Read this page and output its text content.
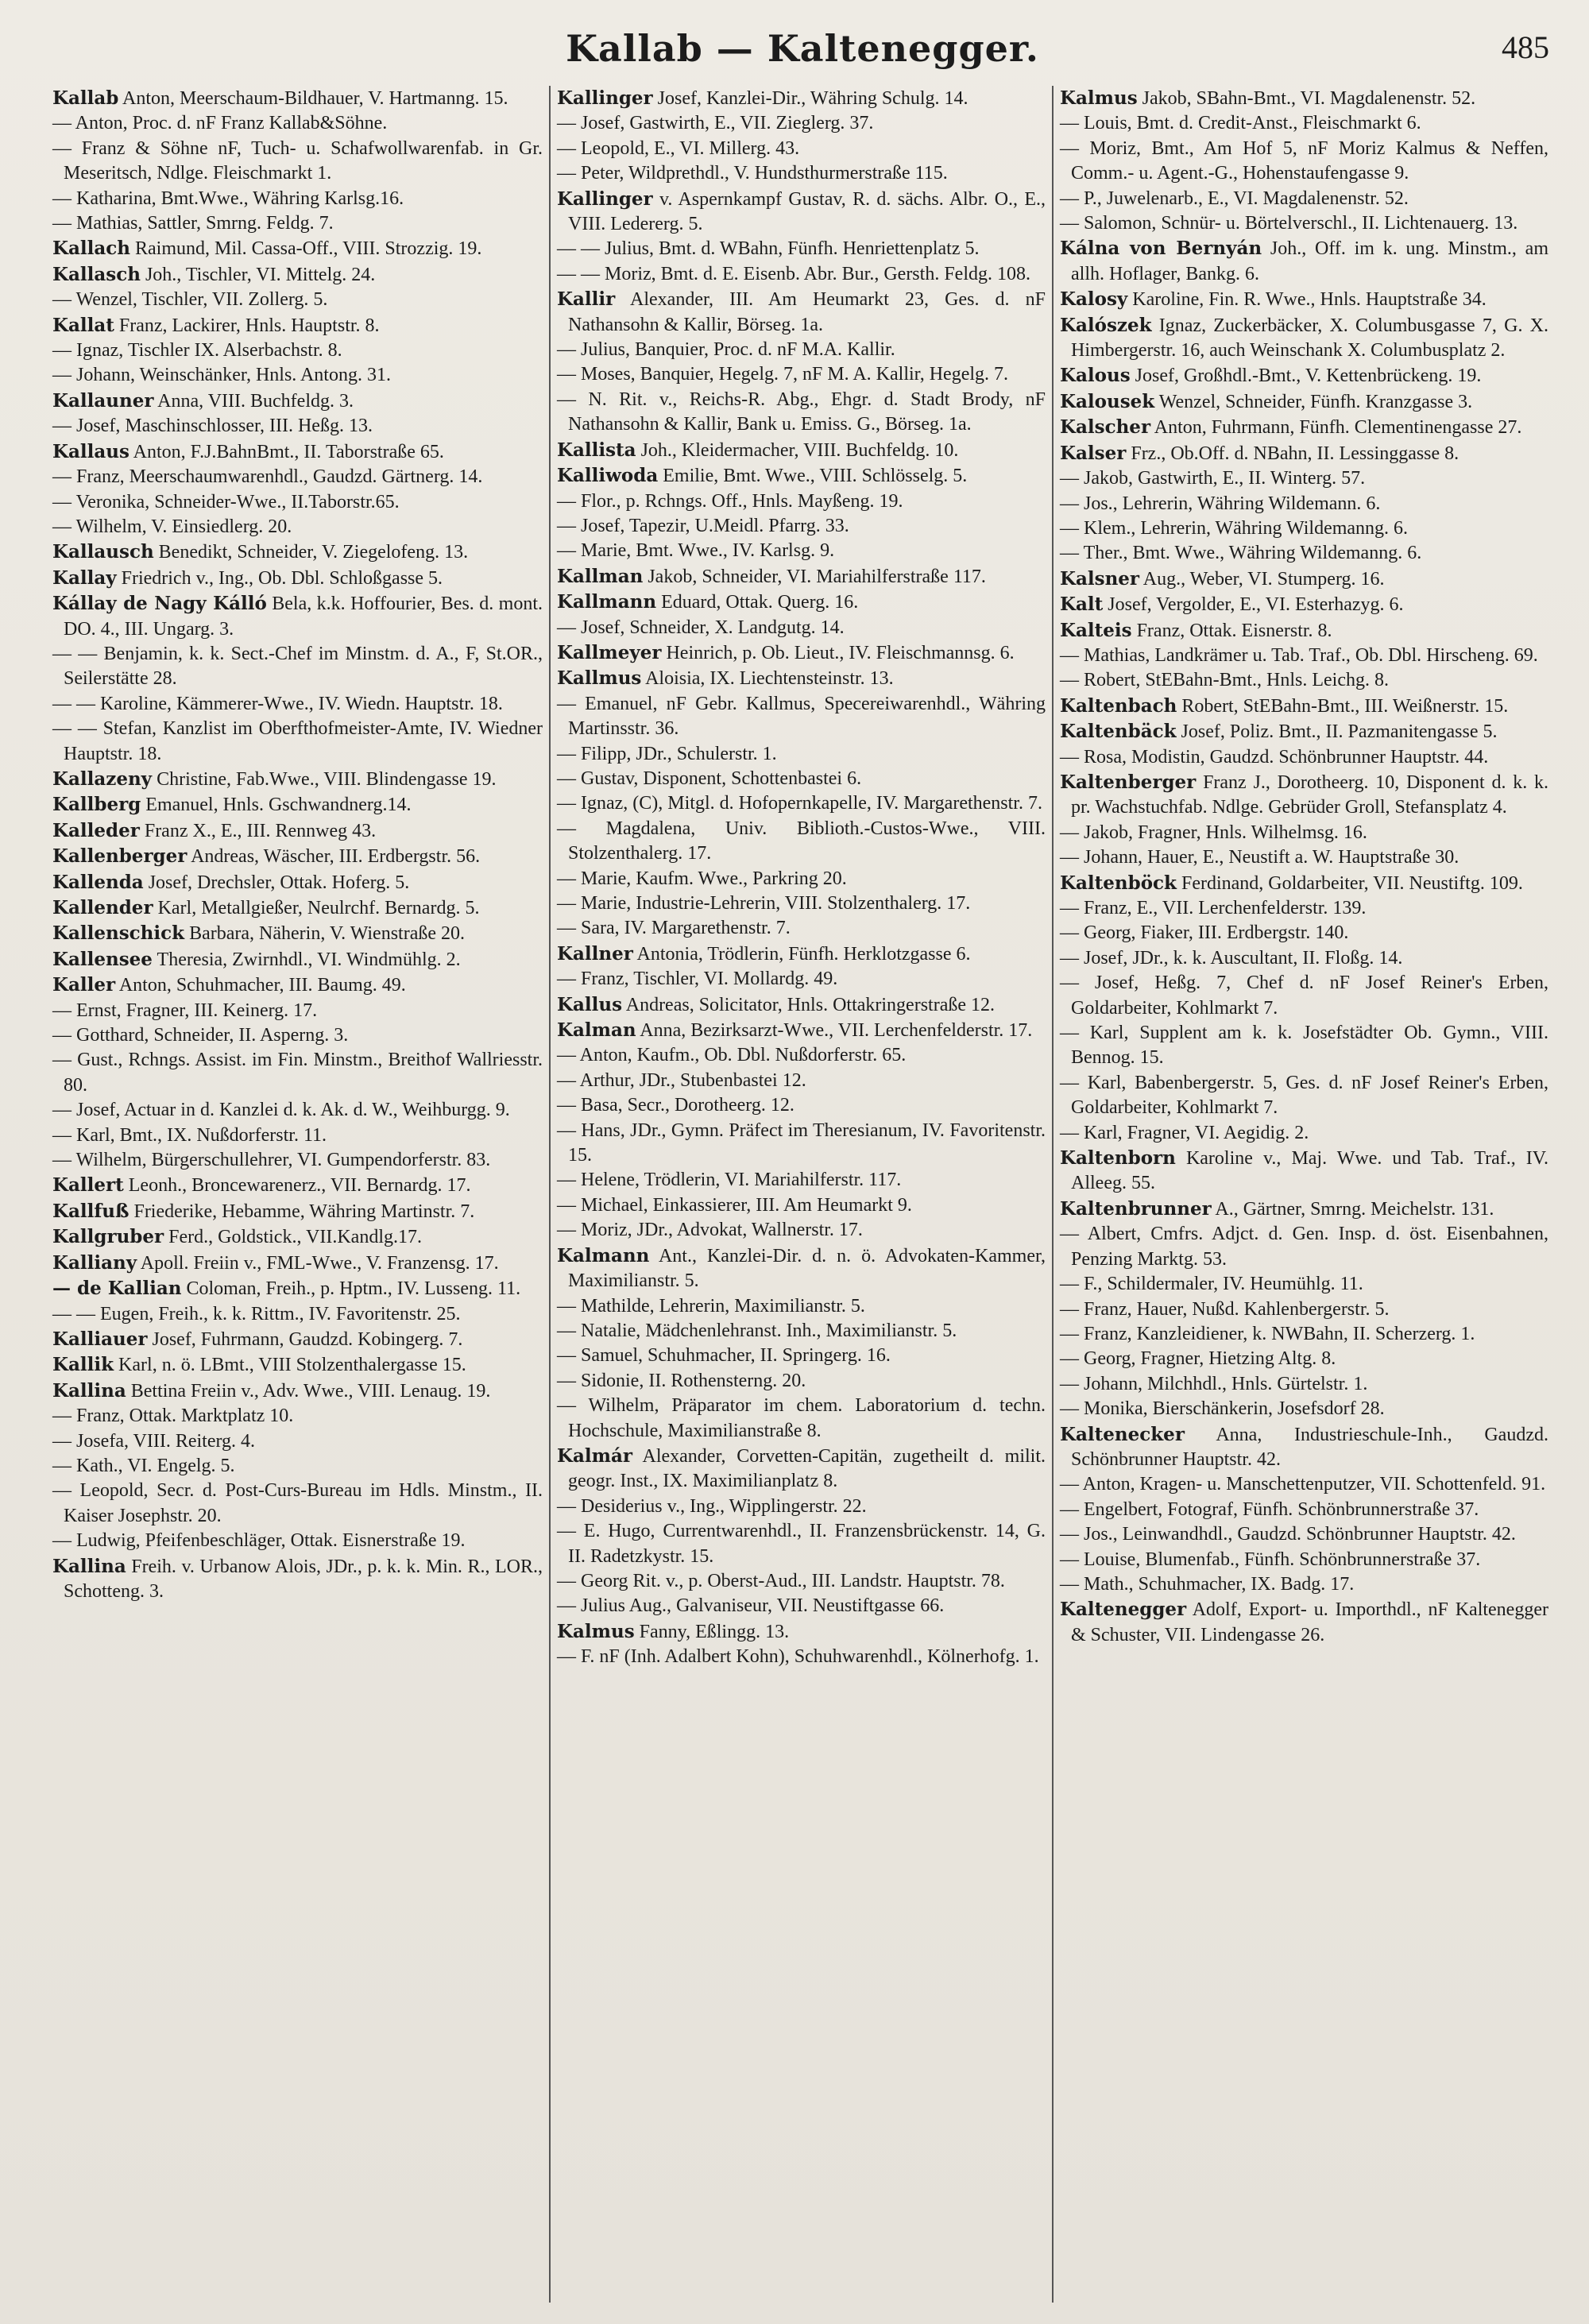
Kallab — Kaltenegger.	485
Kallab Anton, Meerschaum-Bildhauer, V. Hartmanng. 15.
— Anton, Proc. d. nF Franz Kallab&Söhne.
— Franz & Söhne nF, Tuch- u. Schafwollwarenfab. in Gr. Meseritsch, Ndlge. Fleischmarkt 1.
— Katharina, Bmt.Wwe., Währing Karlsg.16.
— Mathias, Sattler, Smrng. Feldg. 7.
Kallach Raimund, Mil. Cassa-Off., VIII. Strozzig. 19.
Kallasch Joh., Tischler, VI. Mittelg. 24.
— Wenzel, Tischler, VII. Zollerg. 5.
Kallat Franz, Lackirer, Hnls. Hauptstr. 8.
— Ignaz, Tischler IX. Alserbachstr. 8.
— Johann, Weinschänker, Hnls. Antong. 31.
Kallauner Anna, VIII. Buchfeldg. 3.
— Josef, Maschinschlosser, III. Heßg. 13.
Kallaus Anton, F.J.BahnBmt., II. Taborstraße 65.
— Franz, Meerschaumwarenhdl., Gaudzd. Gärtnerg. 14.
— Veronika, Schneider-Wwe., II.Taborstr.65.
— Wilhelm, V. Einsiedlerg. 20.
Kallausch Benedikt, Schneider, V. Ziegelofeng. 13.
Kallay Friedrich v., Ing., Ob. Dbl. Schloßgasse 5.
Kállay de Nagy Kálló Bela, k.k. Hoffourier, Bes. d. mont. DO. 4., III. Ungarg. 3.
— — Benjamin, k. k. Sect.-Chef im Minstm. d. A., F, St.OR., Seilerstätte 28.
— — Karoline, Kämmerer-Wwe., IV. Wiedn. Hauptstr. 18.
— — Stefan, Kanzlist im Oberfthofmeister-Amte, IV. Wiedner Hauptstr. 18.
Kallazeny Christine, Fab.Wwe., VIII. Blindengasse 19.
Kallberg Emanuel, Hnls. Gschwandnerg.14.
Kalleder Franz X., E., III. Rennweg 43.
Kallenberger Andreas, Wäscher, III. Erdbergstr. 56.
Kallenda Josef, Drechsler, Ottak. Hoferg. 5.
Kallender Karl, Metallgießer, Neulrchf. Bernardg. 5.
Kallenschick Barbara, Näherin, V. Wienstraße 20.
Kallensee Theresia, Zwirnhdl., VI. Windmühlg. 2.
Kaller Anton, Schuhmacher, III. Baumg. 49.
— Ernst, Fragner, III. Keinerg. 17.
— Gotthard, Schneider, II. Asperng. 3.
— Gust., Rchngs. Assist. im Fin. Minstm., Breithof Wallriesstr. 80.
— Josef, Actuar in d. Kanzlei d. k. Ak. d. W., Weihburgg. 9.
— Karl, Bmt., IX. Nußdorferstr. 11.
— Wilhelm, Bürgerschullehrer, VI. Gumpendorferstr. 83.
Kallert Leonh., Broncewarenerz., VII. Bernardg. 17.
Kallfuß Friederike, Hebamme, Währing Martinstr. 7.
Kallgruber Ferd., Goldstick., VII.Kandlg.17.
Kalliany Apoll. Freiin v., FML-Wwe., V. Franzensg. 17.
— de Kallian Coloman, Freih., p. Hptm., IV. Lusseng. 11.
— — Eugen, Freih., k. k. Rittm., IV. Favoritenstr. 25.
Kalliauer Josef, Fuhrmann, Gaudzd. Kobingerg. 7.
Kallik Karl, n. ö. LBmt., VIII Stolzenthalergasse 15.
Kallina Bettina Freiin v., Adv. Wwe., VIII. Lenaug. 19.
— Franz, Ottak. Marktplatz 10.
— Josefa, VIII. Reiterg. 4.
— Kath., VI. Engelg. 5.
— Leopold, Secr. d. Post-Curs-Bureau im Hdls. Minstm., II. Kaiser Josephstr. 20.
— Ludwig, Pfeifenbeschläger, Ottak. Eisnerstraße 19.
Kallina Freih. v. Urbanow Alois, JDr., p. k. k. Min. R., LOR., Schotteng. 3.
Kallinger Josef, Kanzlei-Dir., Währing Schulg. 14.
— Josef, Gastwirth, E., VII. Zieglerg. 37.
— Leopold, E., VI. Millerg. 43.
— Peter, Wildprethdl., V. Hundsthurmerstraße 115.
Kallinger v. Aspernkampf Gustav, R. d. sächs. Albr. O., E., VIII. Ledererg. 5.
— — Julius, Bmt. d. WBahn, Fünfh. Henriettenplatz 5.
— — Moriz, Bmt. d. E. Eisenb. Abr. Bur., Gersth. Feldg. 108.
Kallir Alexander, III. Am Heumarkt 23, Ges. d. nF Nathansohn & Kallir, Börseg. 1a.
— Julius, Banquier, Proc. d. nF M.A. Kallir.
— Moses, Banquier, Hegelg. 7, nF M. A. Kallir, Hegelg. 7.
— N. Rit. v., Reichs-R. Abg., Ehgr. d. Stadt Brody, nF Nathansohn & Kallir, Bank u. Emiss. G., Börseg. 1a.
Kallista Joh., Kleidermacher, VIII. Buchfeldg. 10.
Kalliwoda Emilie, Bmt. Wwe., VIII. Schlösselg. 5.
— Flor., p. Rchngs. Off., Hnls. Mayßeng. 19.
— Josef, Tapezir, U.Meidl. Pfarrg. 33.
— Marie, Bmt. Wwe., IV. Karlsg. 9.
Kallman Jakob, Schneider, VI. Mariahilferstraße 117.
Kallmann Eduard, Ottak. Querg. 16.
— Josef, Schneider, X. Landgutg. 14.
Kallmeyer Heinrich, p. Ob. Lieut., IV. Fleischmannsg. 6.
Kallmus Aloisia, IX. Liechtensteinstr. 13.
— Emanuel, nF Gebr. Kallmus, Specereiwarenhdl., Währing Martinsstr. 36.
— Filipp, JDr., Schulerstr. 1.
— Gustav, Disponent, Schottenbastei 6.
— Ignaz, (C), Mitgl. d. Hofopernkapelle, IV. Margarethenstr. 7.
— Magdalena, Univ. Biblioth.-Custos-Wwe., VIII. Stolzenthalerg. 17.
— Marie, Kaufm. Wwe., Parkring 20.
— Marie, Industrie-Lehrerin, VIII. Stolzenthalerg. 17.
— Sara, IV. Margarethenstr. 7.
Kallner Antonia, Trödlerin, Fünfh. Herklotzgasse 6.
— Franz, Tischler, VI. Mollardg. 49.
Kallus Andreas, Solicitator, Hnls. Ottakringerstraße 12.
Kalman Anna, Bezirksarzt-Wwe., VII. Lerchenfelderstr. 17.
— Anton, Kaufm., Ob. Dbl. Nußdorferstr. 65.
— Arthur, JDr., Stubenbastei 12.
— Basa, Secr., Dorotheerg. 12.
— Hans, JDr., Gymn. Präfect im Theresianum, IV. Favoritenstr. 15.
— Helene, Trödlerin, VI. Mariahilferstr. 117.
— Michael, Einkassierer, III. Am Heumarkt 9.
— Moriz, JDr., Advokat, Wallnerstr. 17.
Kalmann Ant., Kanzlei-Dir. d. n. ö. Advokaten-Kammer, Maximilianstr. 5.
— Mathilde, Lehrerin, Maximilianstr. 5.
— Natalie, Mädchenlehranst. Inh., Maximilianstr. 5.
— Samuel, Schuhmacher, II. Springerg. 16.
— Sidonie, II. Rothensterng. 20.
— Wilhelm, Präparator im chem. Laboratorium d. techn. Hochschule, Maximilianstraße 8.
Kalmár Alexander, Corvetten-Capitän, zugetheilt d. milit. geogr. Inst., IX. Maximilianplatz 8.
— Desiderius v., Ing., Wipplingerstr. 22.
— E. Hugo, Currentwarenhdl., II. Franzensbrückenstr. 14, G. II. Radetzkystr. 15.
— Georg Rit. v., p. Oberst-Aud., III. Landstr. Hauptstr. 78.
— Julius Aug., Galvaniseur, VII. Neustiftgasse 66.
Kalmus Fanny, Eßlingg. 13.
— F. nF (Inh. Adalbert Kohn), Schuhwarenhdl., Kölnerhofg. 1.
Kalmus Jakob, SBahn-Bmt., VI. Magdalenenstr. 52.
— Louis, Bmt. d. Credit-Anst., Fleischmarkt 6.
— Moriz, Bmt., Am Hof 5, nF Moriz Kalmus & Neffen, Comm.- u. Agent.-G., Hohenstaufengasse 9.
— P., Juwelenarb., E., VI. Magdalenenstr. 52.
— Salomon, Schnür- u. Börtelverschl., II. Lichtenauerg. 13.
Kálna von Bernyán Joh., Off. im k. ung. Minstm., am allh. Hoflager, Bankg. 6.
Kalosy Karoline, Fin. R. Wwe., Hnls. Hauptstraße 34.
Kalószek Ignaz, Zuckerbäcker, X. Columbusgasse 7, G. X. Himbergerstr. 16, auch Weinschank X. Columbusplatz 2.
Kalous Josef, Großhdl.-Bmt., V. Kettenbrückeng. 19.
Kalousek Wenzel, Schneider, Fünfh. Kranzgasse 3.
Kalscher Anton, Fuhrmann, Fünfh. Clementinengasse 27.
Kalser Frz., Ob.Off. d. NBahn, II. Lessinggasse 8.
— Jakob, Gastwirth, E., II. Winterg. 57.
— Jos., Lehrerin, Währing Wildemann. 6.
— Klem., Lehrerin, Währing Wildemanng. 6.
— Ther., Bmt. Wwe., Währing Wildemanng. 6.
Kalsner Aug., Weber, VI. Stumperg. 16.
Kalt Josef, Vergolder, E., VI. Esterhazyg. 6.
Kalteis Franz, Ottak. Eisnerstr. 8.
— Mathias, Landkrämer u. Tab. Traf., Ob. Dbl. Hirscheng. 69.
— Robert, StEBahn-Bmt., Hnls. Leichg. 8.
Kaltenbach Robert, StEBahn-Bmt., III. Weißnerstr. 15.
Kaltenbäck Josef, Poliz. Bmt., II. Pazmanitengasse 5.
— Rosa, Modistin, Gaudzd. Schönbrunner Hauptstr. 44.
Kaltenberger Franz J., Dorotheerg. 10, Disponent d. k. k. pr. Wachstuchfab. Ndlge. Gebrüder Groll, Stefansplatz 4.
— Jakob, Fragner, Hnls. Wilhelmsg. 16.
— Johann, Hauer, E., Neustift a. W. Hauptstraße 30.
Kaltenböck Ferdinand, Goldarbeiter, VII. Neustiftg. 109.
— Franz, E., VII. Lerchenfelderstr. 139.
— Georg, Fiaker, III. Erdbergstr. 140.
— Josef, JDr., k. k. Auscultant, II. Floßg. 14.
— Josef, Heßg. 7, Chef d. nF Josef Reiner's Erben, Goldarbeiter, Kohlmarkt 7.
— Karl, Supplent am k. k. Josefstädter Ob. Gymn., VIII. Bennog. 15.
— Karl, Babenbergerstr. 5, Ges. d. nF Josef Reiner's Erben, Goldarbeiter, Kohlmarkt 7.
— Karl, Fragner, VI. Aegidig. 2.
Kaltenborn Karoline v., Maj. Wwe. und Tab. Traf., IV. Alleeg. 55.
Kaltenbrunner A., Gärtner, Smrng. Meichelstr. 131.
— Albert, Cmfrs. Adjct. d. Gen. Insp. d. öst. Eisenbahnen, Penzing Marktg. 53.
— F., Schildermaler, IV. Heumühlg. 11.
— Franz, Hauer, Nußd. Kahlenbergerstr. 5.
— Franz, Kanzleidiener, k. NWBahn, II. Scherzerg. 1.
— Georg, Fragner, Hietzing Altg. 8.
— Johann, Milchhdl., Hnls. Gürtelstr. 1.
— Monika, Bierschänkerin, Josefsdorf 28.
Kaltenecker Anna, Industrieschule-Inh., Gaudzd. Schönbrunner Hauptstr. 42.
— Anton, Kragen- u. Manschettenputzer, VII. Schottenfeld. 91.
— Engelbert, Fotograf, Fünfh. Schönbrunnerstraße 37.
— Jos., Leinwandhdl., Gaudzd. Schönbrunner Hauptstr. 42.
— Louise, Blumenfab., Fünfh. Schönbrunnerstraße 37.
— Math., Schuhmacher, IX. Badg. 17.
Kaltenegger Adolf, Export- u. Importhdl., nF Kaltenegger & Schuster, VII. Lindengasse 26.
